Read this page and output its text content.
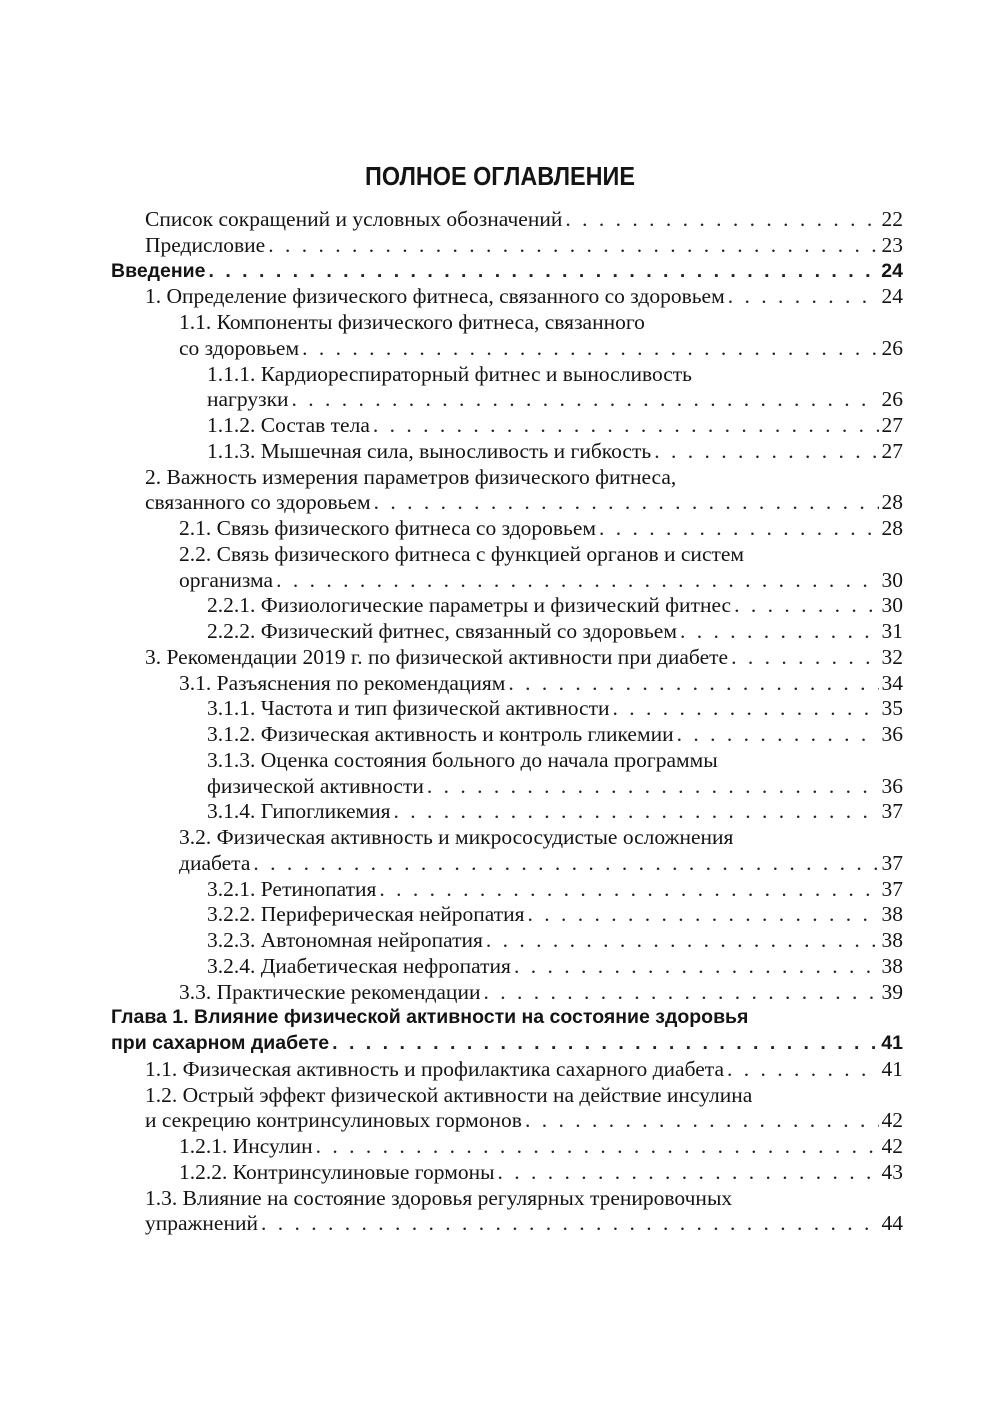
ПОЛНОЕ ОГЛАВЛЕНИЕ
Список сокращений и условных обозначений . . .	22
Предисловие . . .	23
Введение . . .	24
1. Определение физического фитнеса, связанного со здоровьем . . .	24
1.1. Компоненты физического фитнеса, связанного
со здоровьем . . .	26
1.1.1. Кардиореспираторный фитнес и выносливость
нагрузки . . .	26
1.1.2. Состав тела . . .	27
1.1.3. Мышечная сила, выносливость и гибкость . . .	27
2. Важность измерения параметров физического фитнеса,
связанного со здоровьем . . .	28
2.1. Связь физического фитнеса со здоровьем . . .	28
2.2. Связь физического фитнеса с функцией органов и систем
организма . . .	30
2.2.1. Физиологические параметры и физический фитнес . . .	30
2.2.2. Физический фитнес, связанный со здоровьем . . .	31
3. Рекомендации 2019 г. по физической активности при диабете . . .	32
3.1. Разъяснения по рекомендациям . . .	34
3.1.1. Частота и тип физической активности . . .	35
3.1.2. Физическая активность и контроль гликемии . . .	36
3.1.3. Оценка состояния больного до начала программы
физической активности . . .	36
3.1.4. Гипогликемия . . .	37
3.2. Физическая активность и микрососудистые осложнения
диабета . . .	37
3.2.1. Ретинопатия . . .	37
3.2.2. Периферическая нейропатия . . .	38
3.2.3. Автономная нейропатия . . .	38
3.2.4. Диабетическая нефропатия . . .	38
3.3. Практические рекомендации . . .	39
Глава 1. Влияние физической активности на состояние здоровья
при сахарном диабете . . .	41
1.1. Физическая активность и профилактика сахарного диабета . . .	41
1.2. Острый эффект физической активности на действие инсулина
и секрецию контринсулиновых гормонов . . .	42
1.2.1. Инсулин . . .	42
1.2.2. Контринсулиновые гормоны . . .	43
1.3. Влияние на состояние здоровья регулярных тренировочных
упражнений . . .	44
